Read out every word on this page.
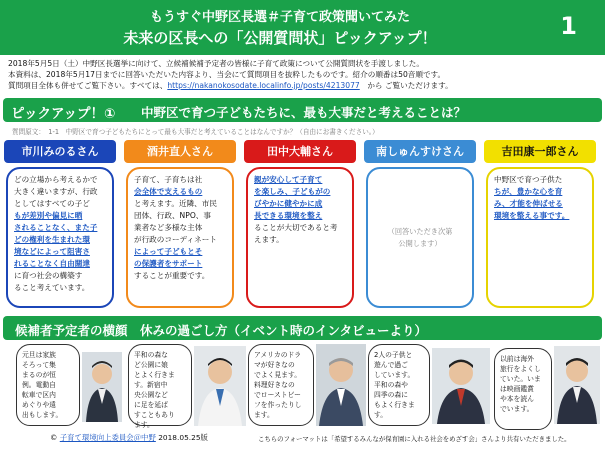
もうすぐ中野区長選＃子育て政策聞いてみた
未来の区長への「公開質問状」ピックアップ！	1
2018年5月5日（土）中野区長選挙に向けて、立候補候補予定者の皆様に子育て政策について公開質問状を手渡しました。
本資料は、2018年5月17日までに回答いただいた内容より、当会にて質問項目を抜粋したものです。紹介の順番は50音順です。
質問項目全体も併せてご覧下さい。すべては、https://nakanokosodate.localinfo.jp/posts/4213077　から ご覧いただけます。
ピックアップ！① 中野区で育つ子どもたちに、最も大事だと考えることは？
質問原文：　1-1　中野区で育つ子どもたちにとって最も大事だと考えていることはなんですか？（自由にお書きください。）
市川みのるさん
どの立場から考えるかで
大きく違いますが、行政
としてはすべての子ど
もが差別や偏見に晒
されることなく、また子
どの権利を生まれた環
境などによって阻害さ
れることなく自由闊達
に育つ社会の構築す
ること考えています。
酒井直人さん
子育て、子育ちは社
会全体で支えるもの
と考えます。近隣、市民
団体、行政、NPO、事
業者など多様な主体
が行政のコーディネート
によって子どもとそ
の保護者をサポート
することが重要です。
田中大輔さん
親が安心して子育て
を楽しみ、子どもがの
びやかに健やかに成
長できる環境を整え
ることが大切であると考
えます。
南しゅんすけさん
（回答いただき次第
公開します）
吉田康一郎さん
中野区で育つ子供た
ちが、豊かな心を育
み、才能を伸ばせる
環境を整える事です。
候補者予定者の横顔　休みの過ごし方（イベント時のインタビューより）
元旦は家族
そろって集
まるのが恒
例。電動自
転車で区内
めぐりや遠
出もします。
平和の森な
ど公園に娘
とよく行きま
す。新宿中
央公園など
に足を延ば
すこともあり
ます。
アメリカのドラ
マが好きなの
でよく見ます。
料理好きなの
でローストビー
フを作ったりし
ます。
2人の子供と
遊んで過ご
しています。
平和の森や
四季の森に
もよく行きま
す。
以前は海外
旅行をよくし
ていた。いま
は映画鑑賞
や本を読ん
でいます。
© 子育て環境向上委員会＠中野 2018.05.25版	こちらのフォーマットは「希望するみんなが保育園に入れる社会をめざす会」さんより共有いただきました。
